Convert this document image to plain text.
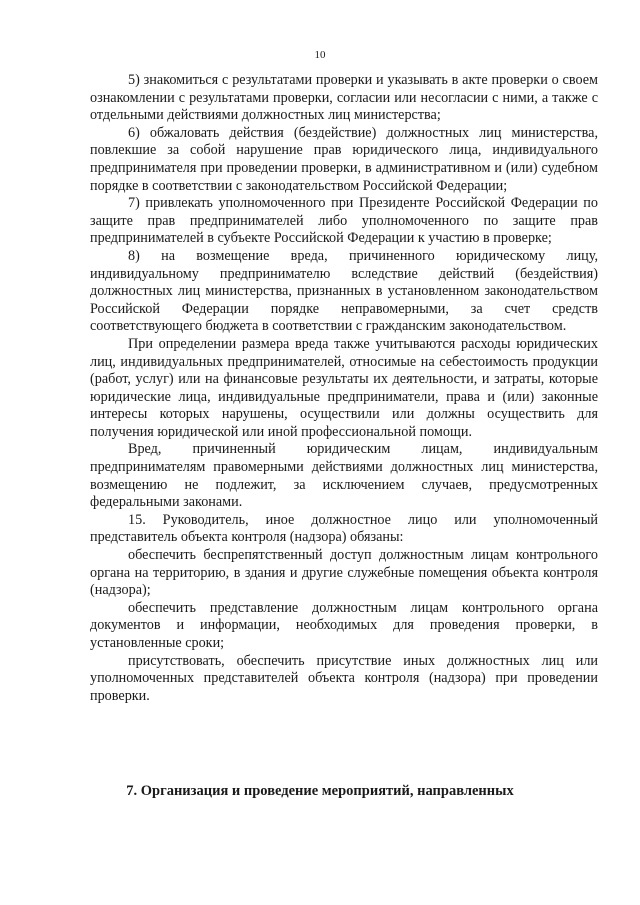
10

5) знакомиться с результатами проверки и указывать в акте проверки о своем ознакомлении с результатами проверки, согласии или несогласии с ними, а также с отдельными действиями должностных лиц министерства;

6) обжаловать действия (бездействие) должностных лиц министерства, повлекшие за собой нарушение прав юридического лица, индивидуального предпринимателя при проведении проверки, в административном и (или) судебном порядке в соответствии с законодательством Российской Федерации;

7) привлекать уполномоченного при Президенте Российской Федерации по защите прав предпринимателей либо уполномоченного по защите прав предпринимателей в субъекте Российской Федерации к участию в проверке;

8) на возмещение вреда, причиненного юридическому лицу, индивидуальному предпринимателю вследствие действий (бездействия) должностных лиц министерства, признанных в установленном законодательством Российской Федерации порядке неправомерными, за счет средств соответствующего бюджета в соответствии с гражданским законодательством.

При определении размера вреда также учитываются расходы юридических лиц, индивидуальных предпринимателей, относимые на себестоимость продукции (работ, услуг) или на финансовые результаты их деятельности, и затраты, которые юридические лица, индивидуальные предприниматели, права и (или) законные интересы которых нарушены, осуществили или должны осуществить для получения юридической или иной профессиональной помощи.

Вред, причиненный юридическим лицам, индивидуальным предпринимателям правомерными действиями должностных лиц министерства, возмещению не подлежит, за исключением случаев, предусмотренных федеральными законами.

15. Руководитель, иное должностное лицо или уполномоченный представитель объекта контроля (надзора) обязаны:

обеспечить беспрепятственный доступ должностным лицам контрольного органа на территорию, в здания и другие служебные помещения объекта контроля (надзора);

обеспечить представление должностным лицам контрольного органа документов и информации, необходимых для проведения проверки, в установленные сроки;

присутствовать, обеспечить присутствие иных должностных лиц или уполномоченных представителей объекта контроля (надзора) при проведении проверки.

7. Организация и проведение мероприятий, направленных
